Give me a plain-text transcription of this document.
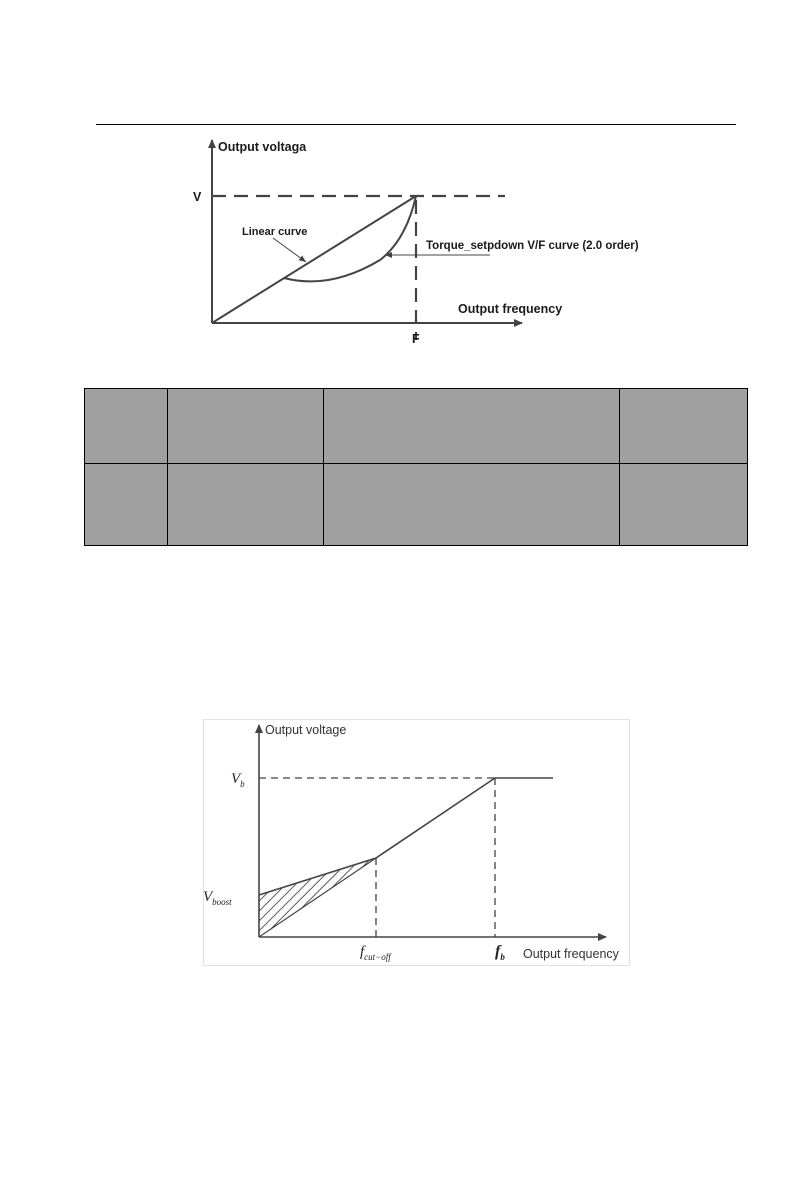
Output voltaga
V
Linear curve
Torque_setpdown V/F curve (2.0 order)
Output frequency
F

Output voltage
Output frequency
$V_b$
$V_{boost}$
$f_{cut-off}$	$f_b$
